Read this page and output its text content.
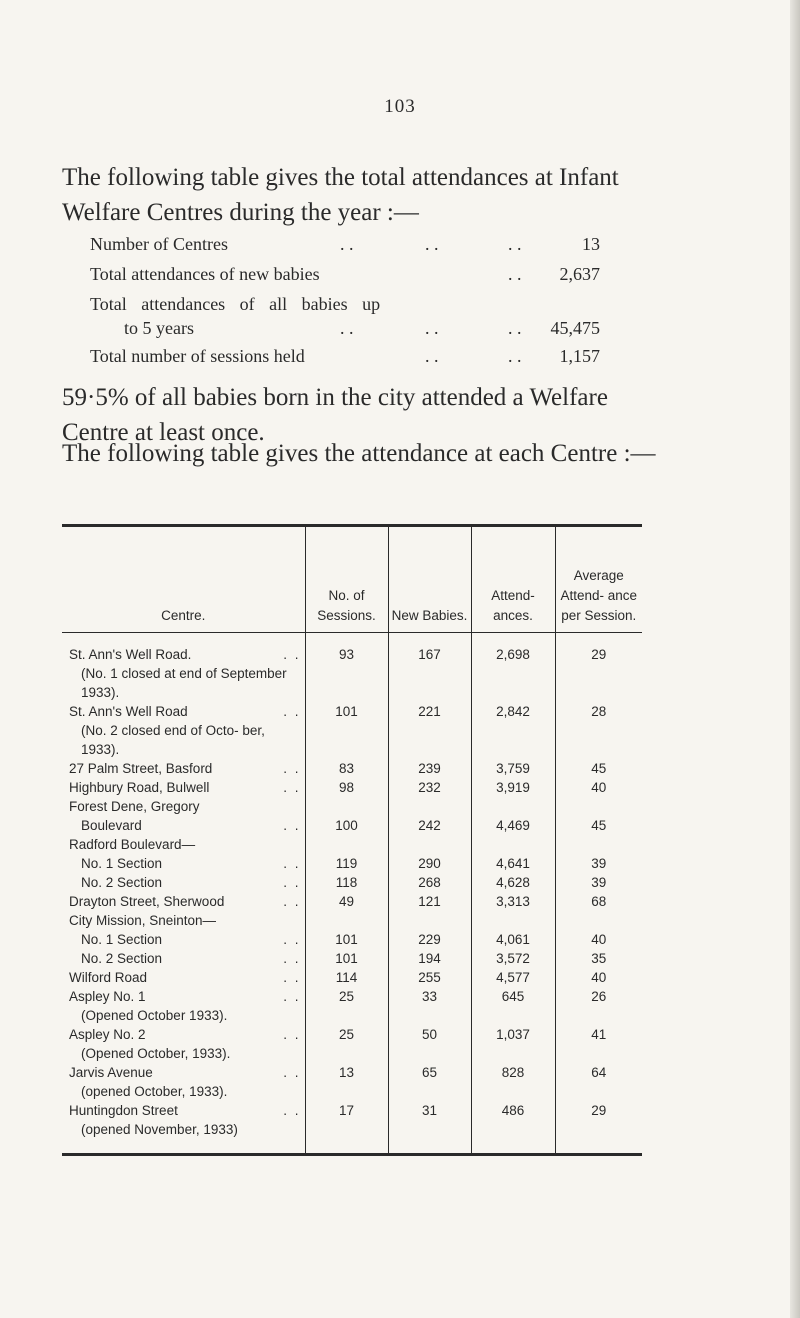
103
The following table gives the total attendances at Infant Welfare Centres during the year :—
Number of Centres	. .	. .	. .	13
Total attendances of new babies	. . 2,637
Total attendances of all babies up
to 5 years	. .	. .	. . 45,475
Total number of sessions held	. .	. . 1,157
59·5% of all babies born in the city attended a Welfare Centre at least once.
The following table gives the attendance at each Centre :—
Centre.	No. of Sessions.	New Babies.	Attend- ances.	Average Attend- ance per Session.
St. Ann's Well Road. . .
(No. 1 closed at end of September 1933).	93	167	2,698	29

St. Ann's Well Road . .
(No. 2 closed end of Octo- ber, 1933).	101	221	2,842	28

27 Palm Street, Basford . .	83	239	3,759	45

Highbury Road, Bulwell . .	98	232	3,919	40

Forest Dene, Gregory				

Boulevard . .	100	242	4,469	45

Radford Boulevard—				

No. 1 Section . .	119	290	4,641	39

No. 2 Section . .	118	268	4,628	39

Drayton Street, Sherwood . .	49	121	3,313	68

City Mission, Sneinton—				

No. 1 Section . .	101	229	4,061	40

No. 2 Section . .	101	194	3,572	35

Wilford Road . .	114	255	4,577	40

Aspley No. 1 . .
(Opened October 1933).	25	33	645	26

Aspley No. 2 . .
(Opened October, 1933).	25	50	1,037	41

Jarvis Avenue . .
(opened October, 1933).	13	65	828	64

Huntingdon Street . .
(opened November, 1933)	17	31	486	29
